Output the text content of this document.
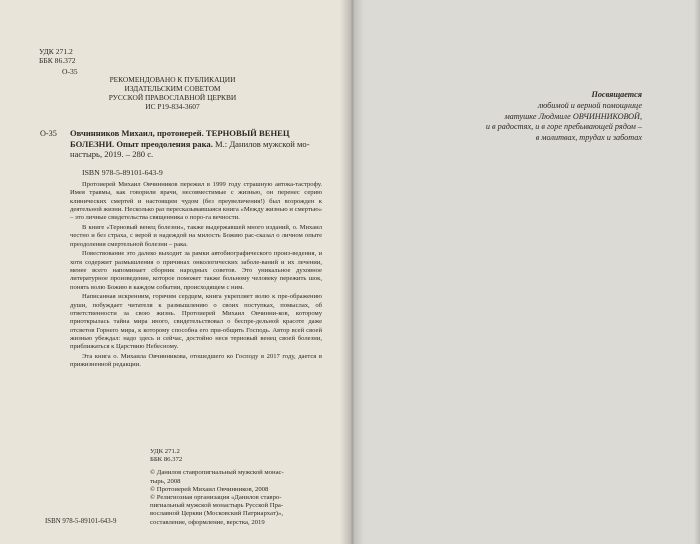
УДК 271.2
ББК 86.372
О-35
РЕКОМЕНДОВАНО К ПУБЛИКАЦИИ
ИЗДАТЕЛЬСКИМ СОВЕТОМ
РУССКОЙ ПРАВОСЛАВНОЙ ЦЕРКВИ
ИС Р19-834-3607
О-35 Овчинников Михаил, протоиерей. ТЕРНОВЫЙ ВЕНЕЦ
БОЛЕЗНИ. Опыт преодоления рака. М.: Данилов мужской мо-
настырь, 2019. – 280 с.
ISBN 978-5-89101-643-9

Протоиерей Михаил Овчинников пережил в 1999 году страшную автока-тастрофу. Имея травмы, как говорили врачи, несовместимые с жизнью, он перенес серию клинических смертей и настоящим чудом (без преувеличения!) был возрожден к деятельной жизни. Несколько раз пересказывавшаяся книга «Между жизнью и смертью» – это личные свидетельства священника о поро-га вечности.

В книге «Терновый венец болезни», также выдержавшей много изданий, о. Михаил честно и без страха, с верой и надеждой на милость Божию рас-сказал о личном опыте преодоления смертельной болезни – рака.

Повествование это далеко выходит за рамки автобиографического произ-ведения, и хотя содержит размышления о причинах онкологических заболе-ваний и их лечении, менее всего напоминает сборник народных советов. Это уникальное духовное литературное произведение, которое поможет также больному человеку пережить шок, понять волю Божию в каждом событии, происходящем с ним.

Написанная искренним, горячим сердцем, книга укрепляет волю к пре-ображению души, побуждает читателя к размышлению о своих поступках, помыслах, об ответственности за свою жизнь. Протоиерей Михаил Овчинни-ков, которому приоткрылась тайна мира иного, свидетельствовал о беспре-дельной красоте даже отсветов Горнего мира, к которому способна его при-общить Господь. Автор всей своей жизнью убеждал: надо здесь и сейчас, достойно неся терновый венец своей болезни, приближаться к Царствию Небесному.

Эта книга о. Михаила Овчинникова, отошедшего ко Господу в 2017 году, дается в прижизненной редакции.

УДК 271.2
ББК 86.372
© Данилов ставропигиальный мужской монас-
тырь, 2008
© Протоиерей Михаил Овчинников, 2008
© Религиозная организация «Данилов ставро-
пигиальный мужской монастырь Русской Пра-
вославной Церкви (Московский Патриархат)»,
составление, оформление, верстка, 2019
ISBN 978-5-89101-643-9
Посвящается
любимой и верной помощнице
матушке Людмиле ОВЧИННИКОВОЙ,
и в радостях, и в горе пребывающей рядом –
в молитвах, трудах и заботах
